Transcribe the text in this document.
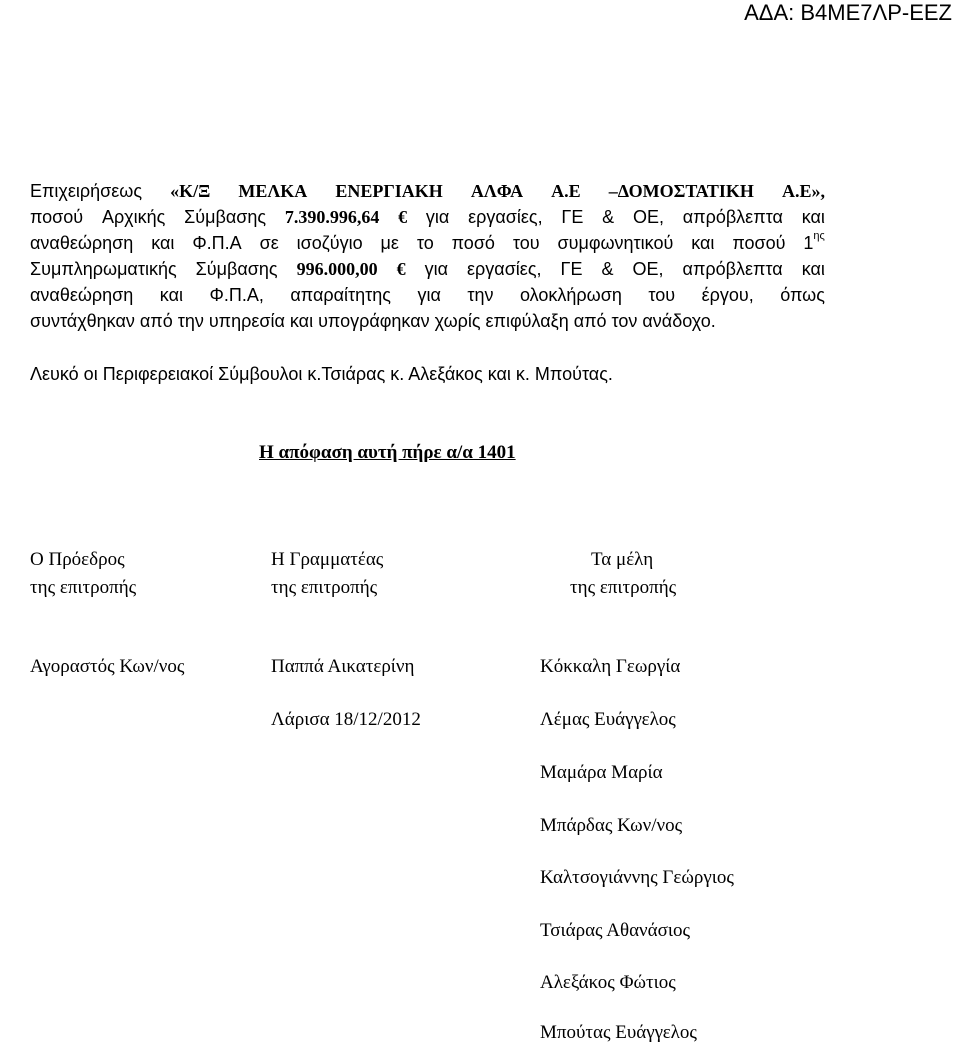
ΑΔΑ: Β4ΜΕ7ΛΡ-ΕΕΖ
Επιχειρήσεως «Κ/Ξ ΜΕΛΚΑ ΕΝΕΡΓΙΑΚΗ ΑΛΦΑ Α.Ε –ΔΟΜΟΣΤΑΤΙΚΗ Α.Ε»,
ποσού Αρχικής Σύμβασης 7.390.996,64 € για εργασίες, ΓΕ & ΟΕ, απρόβλεπτα και
αναθεώρηση και Φ.Π.Α σε ισοζύγιο με το ποσό του συμφωνητικού και ποσού $1^{\eta\varsigma}$
Συμπληρωματικής Σύμβασης 996.000,00 € για εργασίες, ΓΕ & ΟΕ, απρόβλεπτα και
αναθεώρηση και Φ.Π.Α, απαραίτητης για την ολοκλήρωση του έργου, όπως
συντάχθηκαν από την υπηρεσία και υπογράφηκαν χωρίς επιφύλαξη από τον ανάδοχο.
Λευκό οι Περιφερειακοί Σύμβουλοι κ.Τσιάρας κ. Αλεξάκος και κ. Μπούτας.
Η απόφαση αυτή πήρε α/α 1401
Ο Πρόεδρος
της επιτροπής
Η Γραμματέας
της επιτροπής
Τα μέλη
της επιτροπής
Αγοραστός Κων/νος	Παππά Αικατερίνη
Λάρισα 18/12/2012
Κόκκαλη Γεωργία
Λέμας Ευάγγελος
Μαμάρα Μαρία
Μπάρδας Κων/νος
Καλτσογιάννης Γεώργιος
Τσιάρας Αθανάσιος
Αλεξάκος Φώτιος
Μπούτας Ευάγγελος
